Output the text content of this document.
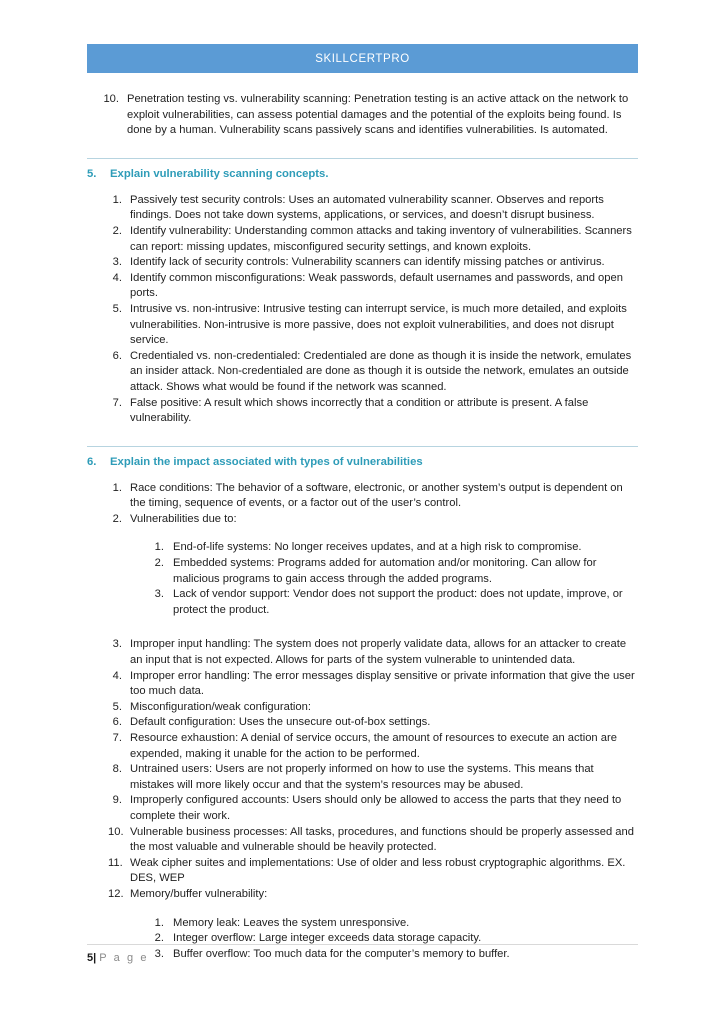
SKILLCERTPRO
10. Penetration testing vs. vulnerability scanning: Penetration testing is an active attack on the network to exploit vulnerabilities, can assess potential damages and the potential of the exploits being found. Is done by a human. Vulnerability scans passively scans and identifies vulnerabilities. Is automated.
5.	Explain vulnerability scanning concepts.
1. Passively test security controls: Uses an automated vulnerability scanner. Observes and reports findings. Does not take down systems, applications, or services, and doesn’t disrupt business.
2. Identify vulnerability: Understanding common attacks and taking inventory of vulnerabilities. Scanners can report: missing updates, misconfigured security settings, and known exploits.
3. Identify lack of security controls: Vulnerability scanners can identify missing patches or antivirus.
4. Identify common misconfigurations: Weak passwords, default usernames and passwords, and open ports.
5. Intrusive vs. non-intrusive: Intrusive testing can interrupt service, is much more detailed, and exploits vulnerabilities. Non-intrusive is more passive, does not exploit vulnerabilities, and does not disrupt service.
6. Credentialed vs. non-credentialed: Credentialed are done as though it is inside the network, emulates an insider attack. Non-credentialed are done as though it is outside the network, emulates an outside attack. Shows what would be found if the network was scanned.
7. False positive: A result which shows incorrectly that a condition or attribute is present. A false vulnerability.
6.	Explain the impact associated with types of vulnerabilities
1. Race conditions: The behavior of a software, electronic, or another system’s output is dependent on the timing, sequence of events, or a factor out of the user’s control.
2. Vulnerabilities due to:
1. End-of-life systems: No longer receives updates, and at a high risk to compromise.
2. Embedded systems: Programs added for automation and/or monitoring. Can allow for malicious programs to gain access through the added programs.
3. Lack of vendor support: Vendor does not support the product: does not update, improve, or protect the product.
3. Improper input handling: The system does not properly validate data, allows for an attacker to create an input that is not expected. Allows for parts of the system vulnerable to unintended data.
4. Improper error handling: The error messages display sensitive or private information that give the user too much data.
5. Misconfiguration/weak configuration:
6. Default configuration: Uses the unsecure out-of-box settings.
7. Resource exhaustion: A denial of service occurs, the amount of resources to execute an action are expended, making it unable for the action to be performed.
8. Untrained users: Users are not properly informed on how to use the systems. This means that mistakes will more likely occur and that the system’s resources may be abused.
9. Improperly configured accounts: Users should only be allowed to access the parts that they need to complete their work.
10. Vulnerable business processes: All tasks, procedures, and functions should be properly assessed and the most valuable and vulnerable should be heavily protected.
11. Weak cipher suites and implementations: Use of older and less robust cryptographic algorithms. EX. DES, WEP
12. Memory/buffer vulnerability:
1. Memory leak: Leaves the system unresponsive.
2. Integer overflow: Large integer exceeds data storage capacity.
3. Buffer overflow: Too much data for the computer’s memory to buffer.
5| P a g e
